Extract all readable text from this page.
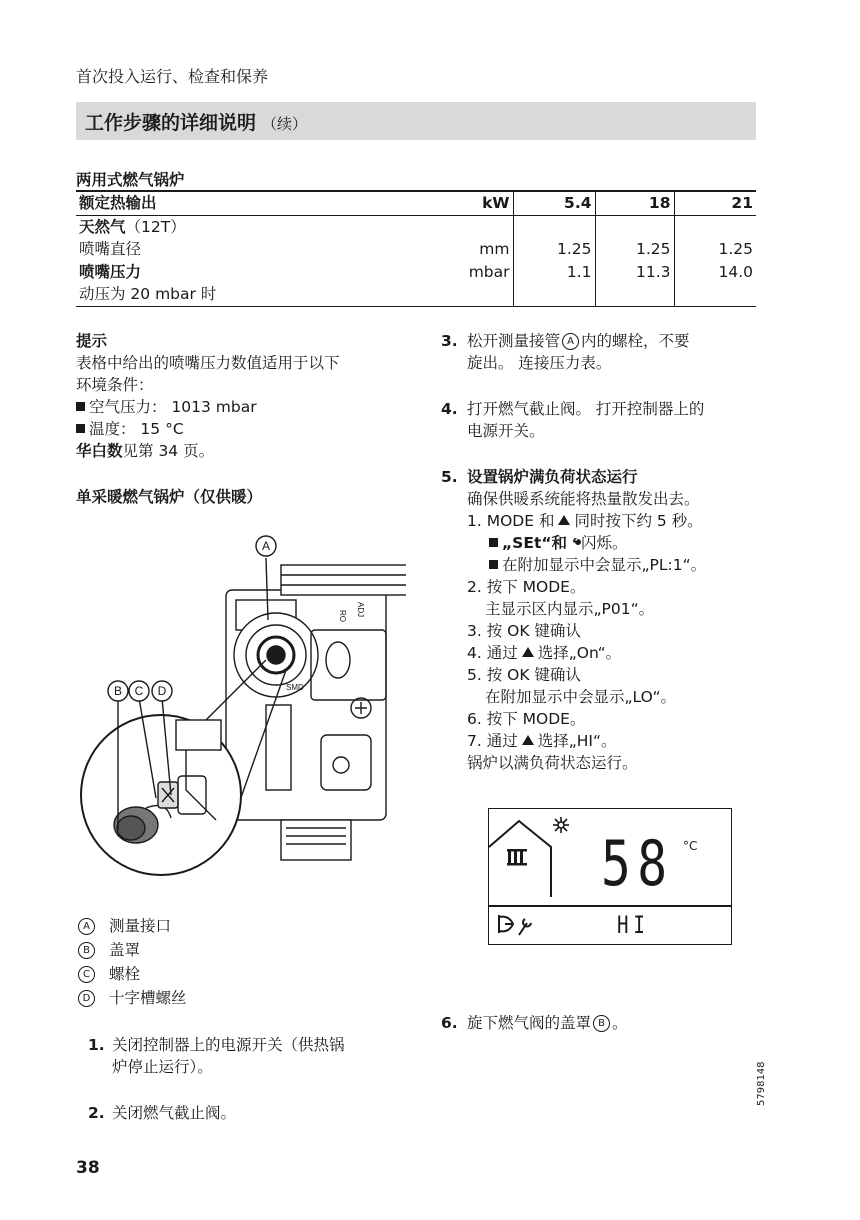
首次投入运行、检查和保养
工作步骤的详细说明 （续）
两用式燃气锅炉
额定热输出	kW	5.4	18	21
天然气（12T）				
喷嘴直径	mm	1.25	1.25	1.25
喷嘴压力	mbar	1.1	11.3	14.0
动压为 20 mbar 时				
提示
表格中给出的喷嘴压力数值适用于以下
环境条件：
空气压力： 1013 mbar
温度： 15 °C
华白数见第 34 页。
单采暖燃气锅炉（仅供暖）
A
B C D
RO ADJ
SMD
A 测量接口
B 盖罩
C 螺栓
D 十字槽螺丝
1. 关闭控制器上的电源开关（供热锅
炉停止运行）。
2. 关闭燃气截止阀。
3. 松开测量接管 A 内的螺栓，不要
旋出。 连接压力表。
4. 打开燃气截止阀。 打开控制器上的
电源开关。
5. 设置锅炉满负荷状态运行
确保供暖系统能将热量散发出去。
1. MODE 和 同时按下约 5 秒。
„SEt“和 闪烁。
在附加显示中会显示„PL:1“。
2. 按下 MODE。
主显示区内显示„P01“。
3. 按 OK 键确认
4. 通过 选择„On“。
5. 按 OK 键确认
在附加显示中会显示„LO“。
6. 按下 MODE。
7. 通过 选择„HI“。
锅炉以满负荷状态运行。
58 °C
HI
6. 旋下燃气阀的盖罩 B 。
38
5798148
